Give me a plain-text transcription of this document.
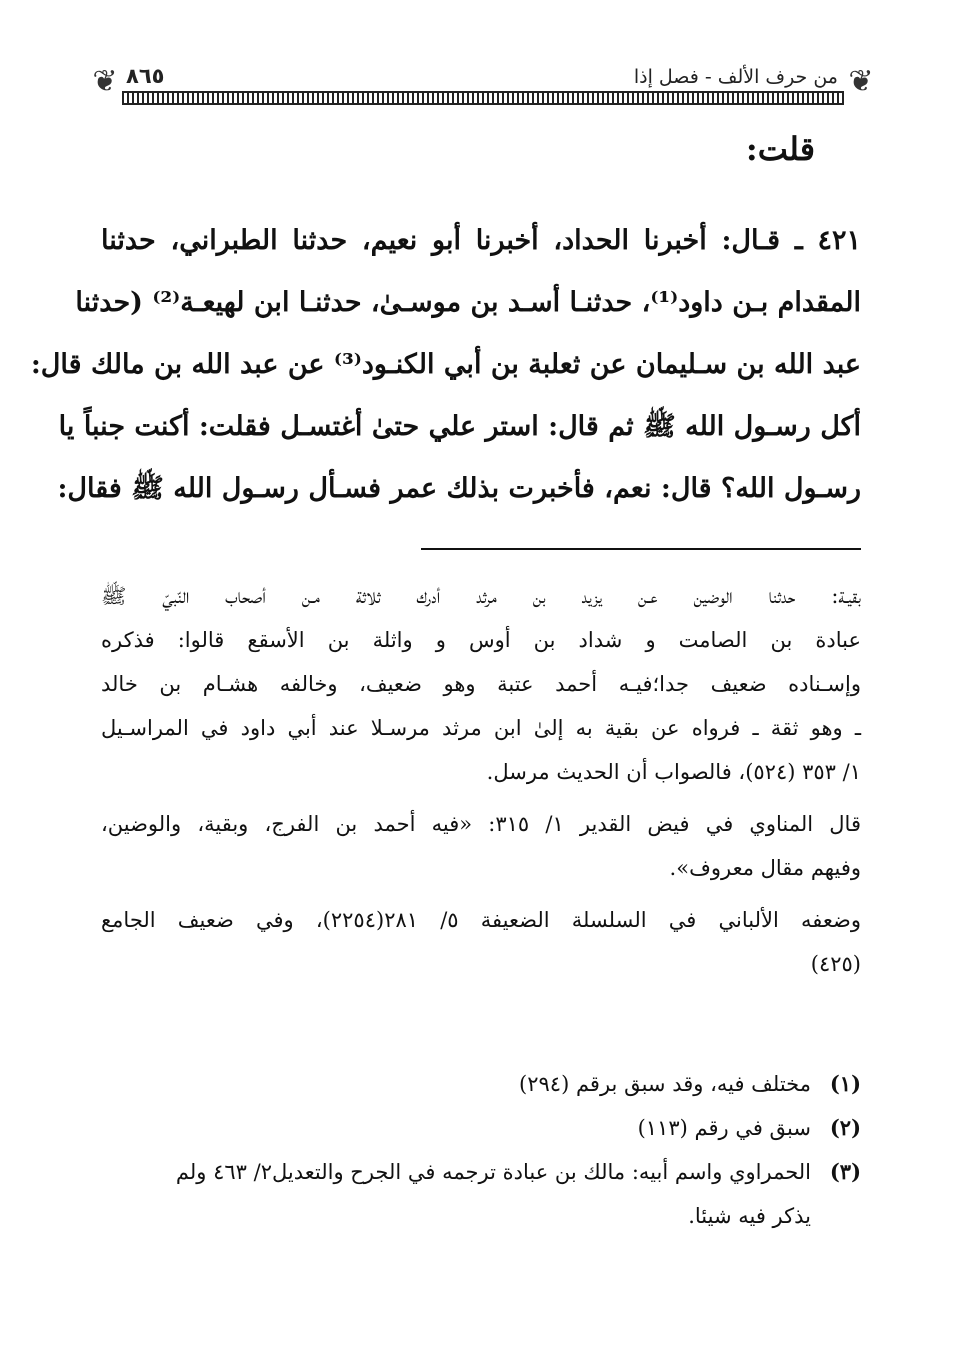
❦
❦	من حرف الألف - فصل إذا
٨٦٥
قلت:
٤٢١ ـ قـال: أخبرنا الحداد، أخبرنا أبو نعيم، حدثنا الطبراني، حدثنا
المقدام بـن داود⁽¹⁾، حدثنـا أسـد بن موسـىٰ، حدثنـا ابن لهيعـة⁽²⁾ (حدثنا
عبد الله بن سـليمان عن ثعلبة بن أبي الكنـود⁽³⁾ عن عبد الله بن مالك قال:
أكل رسـول الله ﷺ ثم قال: استر علي حتىٰ أغتسـل فقلت: أكنت جنباً يا
رسـول الله؟ قال: نعم، فأخبرت بذلك عمر فسـأل رسـول الله ﷺ فقال:
بقيـة: حدثنا الوضين عـن يزيد بن مرثد أدرك ثلاثة مـن أصحاب النّبيّ ﷺ
عبادة بن الصامت و شداد بن أوس و واثلة بن الأسقع قالوا: فذكره
وإسـناده ضعيف جدا؛فيـه أحمد عتبة وهو ضعيف، وخالفه هشـام بن خالد
ـ وهو ثقة ـ فرواه عن بقية به إلىٰ ابن مرثد مرسـلا عند أبي داود في المراسـيل
١/ ٣٥٣ (٥٢٤)، فالصواب أن الحديث مرسل.
قال المناوي في فيض القدير ١/ ٣١٥: «فيه أحمد بن الفرج، وبقية، والوضين،
وفيهم مقال معروف».
وضعفه الألباني في السلسلة الضعيفة ٥/ ٢٨١(٢٢٥٤)، وفي ضعيف الجامع
(٤٢٥)
(١)
مختلف فيه، وقد سبق برقم (٢٩٤)
(٢)
سبق في رقم (١١٣)
(٣)
الحمراوي واسم أبيه: مالك بن عبادة ترجمه في الجرح والتعديل٢/ ٤٦٣ ولم
يذكر فيه شيئا.
